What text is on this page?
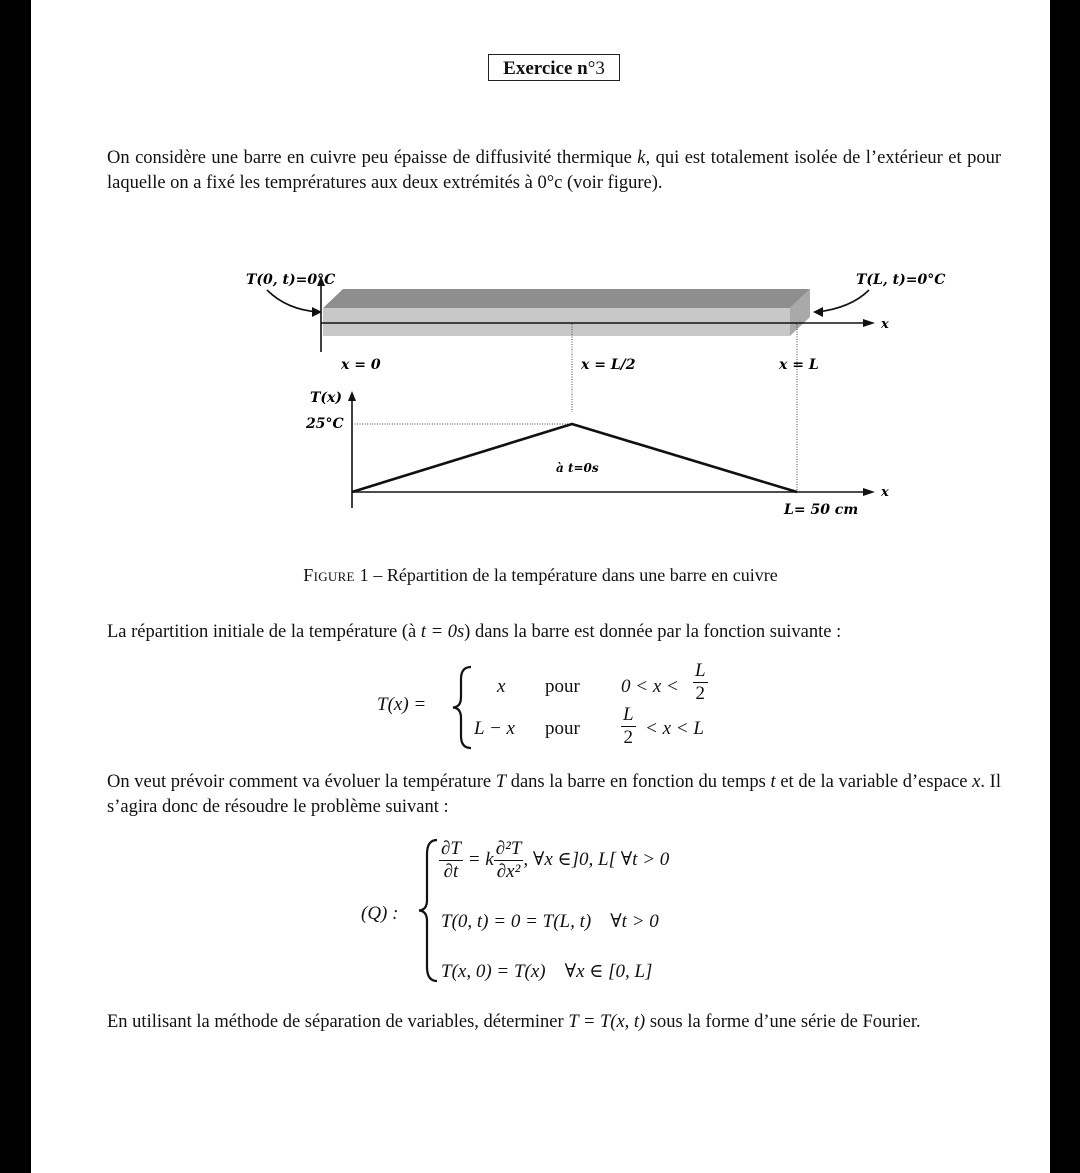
Exercice n°3
On considère une barre en cuivre peu épaisse de diffusivité thermique k, qui est totalement isolée de l’extérieur et pour laquelle on a fixé les temprératures aux deux extrémités à 0°c (voir figure).
x
T(0, t)=0°C	T(L, t)=0°C
x = 0	x = L/2	x = L
x
T(x)
25°C
à t=0s
L= 50 cm
Figure 1 – Répartition de la température dans une barre en cuivre
La répartition initiale de la température (à t = 0s) dans la barre est donnée par la fonction suivante :
T(x) =
x pour $0 < x < \frac{L}{2}$
L − x pour $\frac{L}{2} < x < L$
On veut prévoir comment va évoluer la température T dans la barre en fonction du temps t et de la variable d’espace x. Il s’agira donc de résoudre le problème suivant :
(Q) :
$\frac{\partial T}{\partial t} = k \frac{\text{∂²T}}{\text{∂x²}}$ , ∀x ∈]0, L[ ∀t > 0
T(0, t) = 0 = T(L, t)    ∀t > 0
T(x, 0) = T(x)    ∀x ∈ [0, L]
En utilisant la méthode de séparation de variables, déterminer T = T(x, t) sous la forme d’une série de Fourier.
